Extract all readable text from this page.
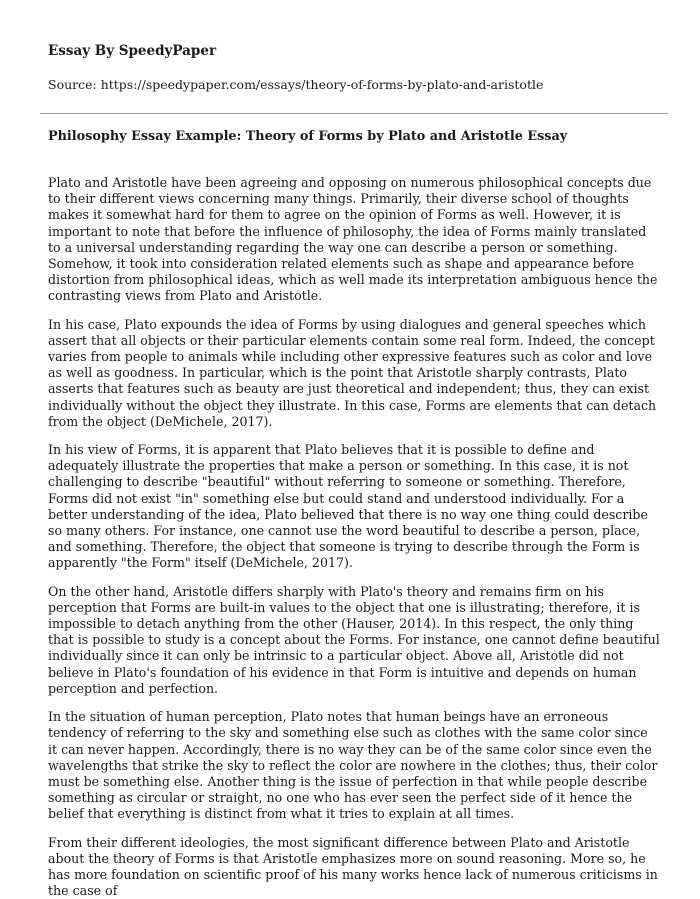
Essay By SpeedyPaper

Source: https://speedypaper.com/essays/theory-of-forms-by-plato-and-aristotle

Philosophy Essay Example: Theory of Forms by Plato and Aristotle Essay

Plato and Aristotle have been agreeing and opposing on numerous philosophical concepts due to their different views concerning many things. Primarily, their diverse school of thoughts makes it somewhat hard for them to agree on the opinion of Forms as well. However, it is important to note that before the influence of philosophy, the idea of Forms mainly translated to a universal understanding regarding the way one can describe a person or something. Somehow, it took into consideration related elements such as shape and appearance before distortion from philosophical ideas, which as well made its interpretation ambiguous hence the contrasting views from Plato and Aristotle.

In his case, Plato expounds the idea of Forms by using dialogues and general speeches which assert that all objects or their particular elements contain some real form. Indeed, the concept varies from people to animals while including other expressive features such as color and love as well as goodness. In particular, which is the point that Aristotle sharply contrasts, Plato asserts that features such as beauty are just theoretical and independent; thus, they can exist individually without the object they illustrate. In this case, Forms are elements that can detach from the object (DeMichele, 2017).

In his view of Forms, it is apparent that Plato believes that it is possible to define and adequately illustrate the properties that make a person or something. In this case, it is not challenging to describe "beautiful" without referring to someone or something. Therefore, Forms did not exist "in" something else but could stand and understood individually. For a better understanding of the idea, Plato believed that there is no way one thing could describe so many others. For instance, one cannot use the word beautiful to describe a person, place, and something. Therefore, the object that someone is trying to describe through the Form is apparently "the Form" itself (DeMichele, 2017).

On the other hand, Aristotle differs sharply with Plato's theory and remains firm on his perception that Forms are built-in values to the object that one is illustrating; therefore, it is impossible to detach anything from the other (Hauser, 2014). In this respect, the only thing that is possible to study is a concept about the Forms. For instance, one cannot define beautiful individually since it can only be intrinsic to a particular object. Above all, Aristotle did not believe in Plato's foundation of his evidence in that Form is intuitive and depends on human perception and perfection.

In the situation of human perception, Plato notes that human beings have an erroneous tendency of referring to the sky and something else such as clothes with the same color since it can never happen. Accordingly, there is no way they can be of the same color since even the wavelengths that strike the sky to reflect the color are nowhere in the clothes; thus, their color must be something else. Another thing is the issue of perfection in that while people describe something as circular or straight, no one who has ever seen the perfect side of it hence the belief that everything is distinct from what it tries to explain at all times.

From their different ideologies, the most significant difference between Plato and Aristotle about the theory of Forms is that Aristotle emphasizes more on sound reasoning. More so, he has more foundation on scientific proof of his many works hence lack of numerous criticisms in the case of
